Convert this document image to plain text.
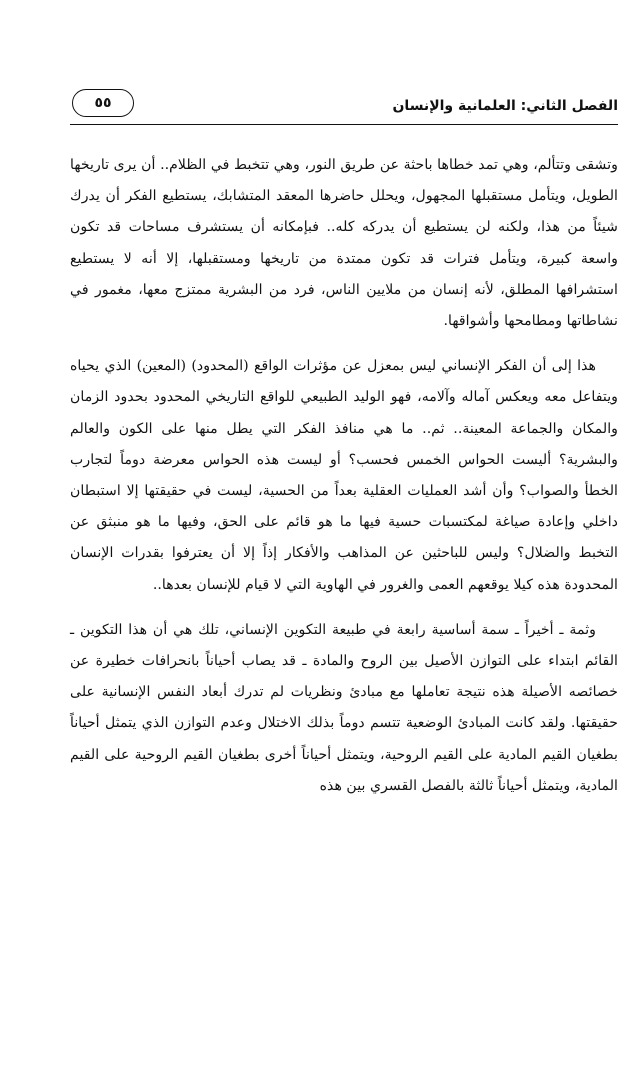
الفصل الثاني: العلمانية والإنسان
٥٥

وتشقى وتتألم، وهي تمد خطاها باحثة عن طريق النور، وهي تتخبط في الظلام.. أن يرى تاريخها الطويل، ويتأمل مستقبلها المجهول، ويحلل حاضرها المعقد المتشابك، يستطيع الفكر أن يدرك شيئاً من هذا، ولكنه لن يستطيع أن يدركه كله.. فبإمكانه أن يستشرف مساحات قد تكون واسعة كبيرة، ويتأمل فترات قد تكون ممتدة من تاريخها ومستقبلها، إلا أنه لا يستطيع استشرافها المطلق، لأنه إنسان من ملايين الناس، فرد من البشرية ممتزج معها، مغمور في نشاطاتها ومطامحها وأشواقها.

هذا إلى أن الفكر الإنساني ليس بمعزل عن مؤثرات الواقع (المحدود) (المعين) الذي يحياه ويتفاعل معه ويعكس آماله وآلامه، فهو الوليد الطبيعي للواقع التاريخي المحدود بحدود الزمان والمكان والجماعة المعينة.. ثم.. ما هي منافذ الفكر التي يطل منها على الكون والعالم والبشرية؟ أليست الحواس الخمس فحسب؟ أو ليست هذه الحواس معرضة دوماً لتجارب الخطأ والصواب؟ وأن أشد العمليات العقلية بعداً من الحسية، ليست في حقيقتها إلا استبطان داخلي وإعادة صياغة لمكتسبات حسية فيها ما هو قائم على الحق، وفيها ما هو منبثق عن التخبط والضلال؟ وليس للباحثين عن المذاهب والأفكار إذاً إلا أن يعترفوا بقدرات الإنسان المحدودة هذه كيلا يوقعهم العمى والغرور في الهاوية التي لا قيام للإنسان بعدها..

وثمة ـ أخيراً ـ سمة أساسية رابعة في طبيعة التكوين الإنساني، تلك هي أن هذا التكوين ـ القائم ابتداء على التوازن الأصيل بين الروح والمادة ـ قد يصاب أحياناً بانحرافات خطيرة عن خصائصه الأصيلة هذه نتيجة تعاملها مع مبادئ ونظريات لم تدرك أبعاد النفس الإنسانية على حقيقتها. ولقد كانت المبادئ الوضعية تتسم دوماً بذلك الاختلال وعدم التوازن الذي يتمثل أحياناً بطغيان القيم المادية على القيم الروحية، ويتمثل أحياناً أخرى بطغيان القيم الروحية على القيم المادية، ويتمثل أحياناً ثالثة بالفصل القسري بين هذه
